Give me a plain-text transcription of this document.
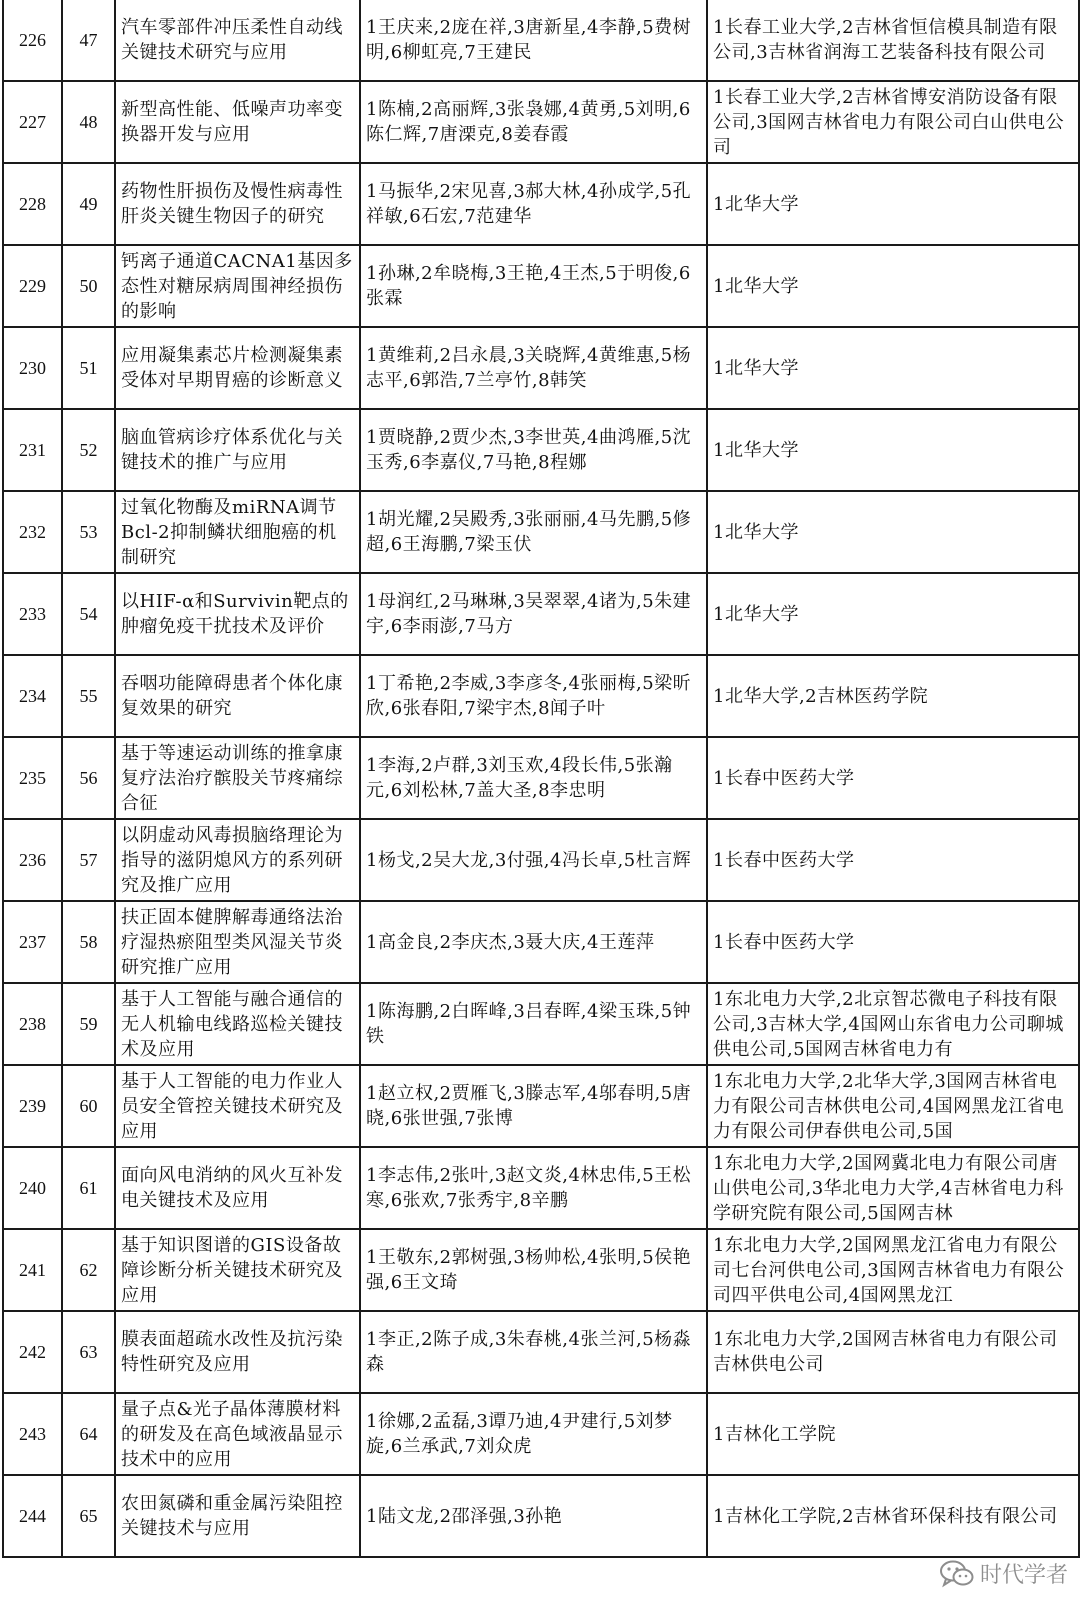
226	47	汽车零部件冲压柔性自动线关键技术研究与应用	1王庆来,2庞在祥,3唐新星,4李静,5费树明,6柳虹亮,7王建民	1长春工业大学,2吉林省恒信模具制造有限公司,3吉林省润海工艺装备科技有限公司

227	48	新型高性能、低噪声功率变换器开发与应用	1陈楠,2高丽辉,3张袅娜,4黄勇,5刘明,6陈仁辉,7唐溧克,8姜春霞	1长春工业大学,2吉林省博安消防设备有限公司,3国网吉林省电力有限公司白山供电公司

228	49	药物性肝损伤及慢性病毒性肝炎关键生物因子的研究	1马振华,2宋见喜,3郝大林,4孙成学,5孔祥敏,6石宏,7范建华	1北华大学

229	50	钙离子通道CACNA1基因多态性对糖尿病周围神经损伤的影响	1孙琳,2牟晓梅,3王艳,4王杰,5于明俊,6张霖	1北华大学

230	51	应用凝集素芯片检测凝集素受体对早期胃癌的诊断意义	1黄维莉,2吕永晨,3关晓辉,4黄维惠,5杨志平,6郭浩,7兰亭竹,8韩笑	1北华大学

231	52	脑血管病诊疗体系优化与关键技术的推广与应用	1贾晓静,2贾少杰,3李世英,4曲鸿雁,5沈玉秀,6李嘉仪,7马艳,8程娜	1北华大学

232	53	过氧化物酶及miRNA调节Bcl-2抑制鳞状细胞癌的机制研究	1胡光耀,2吴殿秀,3张丽丽,4马先鹏,5修超,6王海鹏,7梁玉伏	1北华大学

233	54	以HIF-α和Survivin靶点的肿瘤免疫干扰技术及评价	1母润红,2马琳琳,3吴翠翠,4诸为,5朱建宇,6李雨澎,7马方	1北华大学

234	55	吞咽功能障碍患者个体化康复效果的研究	1丁希艳,2李威,3李彦冬,4张丽梅,5梁昕欣,6张春阳,7梁宇杰,8闻子叶	1北华大学,2吉林医药学院

235	56	基于等速运动训练的推拿康复疗法治疗髌股关节疼痛综合征	1李海,2卢群,3刘玉欢,4段长伟,5张瀚元,6刘松林,7盖大圣,8李忠明	1长春中医药大学

236	57	以阴虚动风毒损脑络理论为指导的滋阴熄风方的系列研究及推广应用	1杨戈,2吴大龙,3付强,4冯长卓,5杜言辉	1长春中医药大学

237	58	扶正固本健脾解毒通络法治疗湿热瘀阻型类风湿关节炎研究推广应用	1高金良,2李庆杰,3聂大庆,4王莲萍	1长春中医药大学

238	59	基于人工智能与融合通信的无人机输电线路巡检关键技术及应用	1陈海鹏,2白晖峰,3吕春晖,4梁玉珠,5钟铁	1东北电力大学,2北京智芯微电子科技有限公司,3吉林大学,4国网山东省电力公司聊城供电公司,5国网吉林省电力有

239	60	基于人工智能的电力作业人员安全管控关键技术研究及应用	1赵立权,2贾雁飞,3滕志军,4邬春明,5唐晓,6张世强,7张博	1东北电力大学,2北华大学,3国网吉林省电力有限公司吉林供电公司,4国网黑龙江省电力有限公司伊春供电公司,5国

240	61	面向风电消纳的风火互补发电关键技术及应用	1李志伟,2张叶,3赵文炎,4林忠伟,5王松寒,6张欢,7张秀宇,8辛鹏	1东北电力大学,2国网冀北电力有限公司唐山供电公司,3华北电力大学,4吉林省电力科学研究院有限公司,5国网吉林

241	62	基于知识图谱的GIS设备故障诊断分析关键技术研究及应用	1王敬东,2郭树强,3杨帅松,4张明,5侯艳强,6王文琦	1东北电力大学,2国网黑龙江省电力有限公司七台河供电公司,3国网吉林省电力有限公司四平供电公司,4国网黑龙江

242	63	膜表面超疏水改性及抗污染特性研究及应用	1李正,2陈子成,3朱春桃,4张兰河,5杨淼森	1东北电力大学,2国网吉林省电力有限公司吉林供电公司

243	64	量子点&光子晶体薄膜材料的研发及在高色域液晶显示技术中的应用	1徐娜,2孟磊,3谭乃迪,4尹建行,5刘梦旋,6兰承武,7刘众虎	1吉林化工学院

244	65	农田氮磷和重金属污染阻控关键技术与应用	1陆文龙,2邵泽强,3孙艳	1吉林化工学院,2吉林省环保科技有限公司
时代学者
